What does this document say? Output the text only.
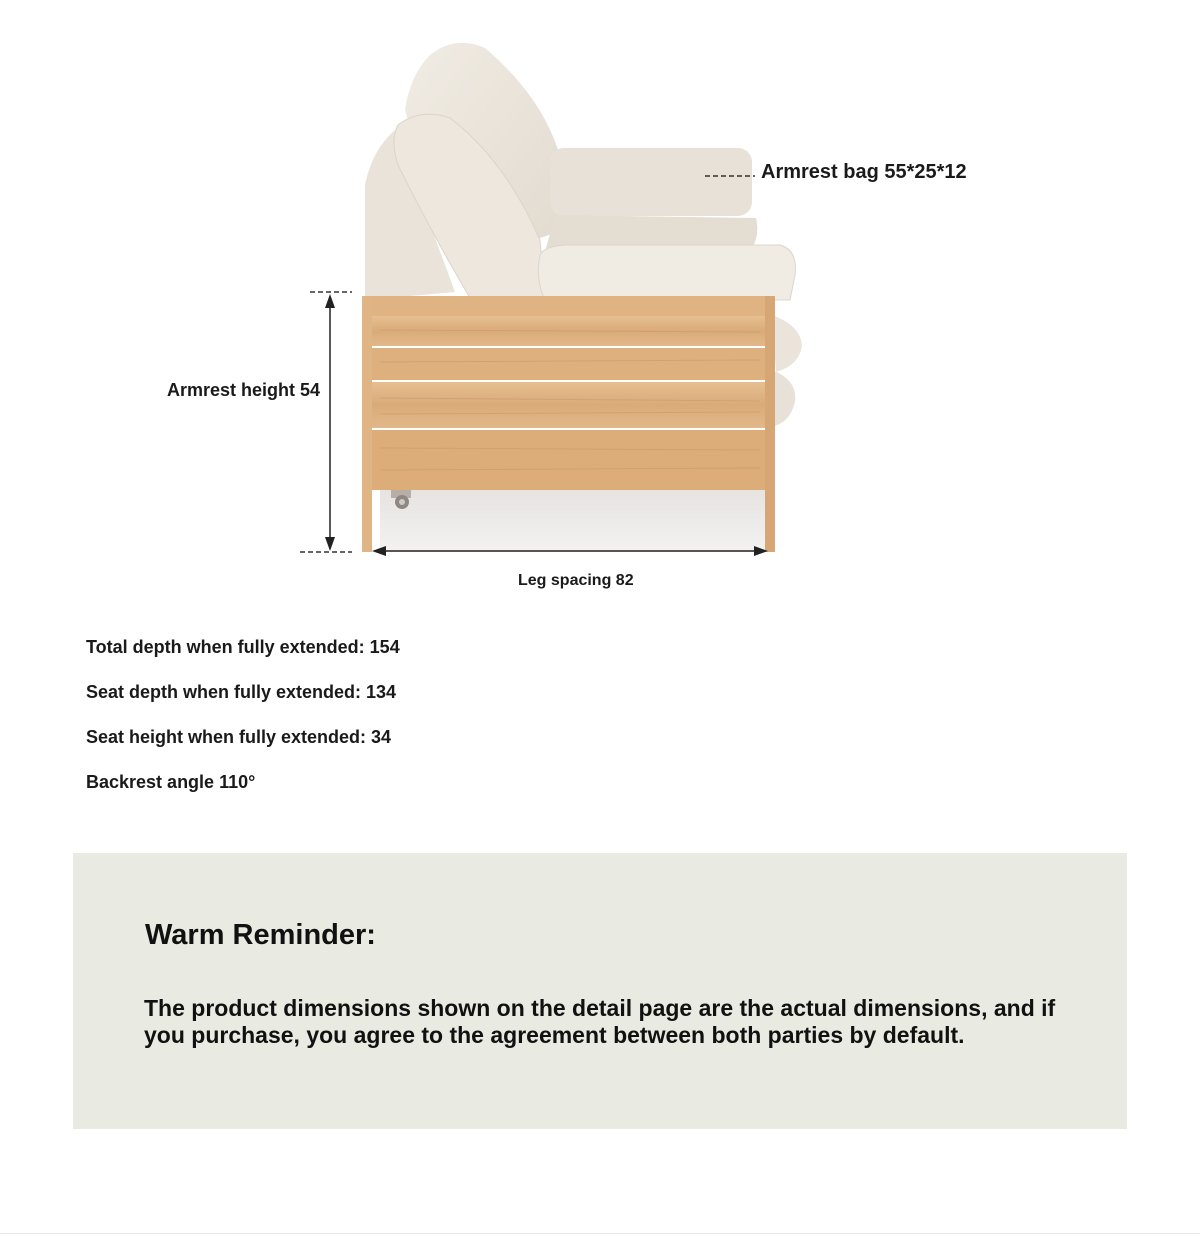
Armrest bag 55*25*12
Armrest height 54
Leg spacing 82
Total depth when fully extended: 154
Seat depth when fully extended: 134
Seat height when fully extended: 34
Backrest angle 110°
Warm Reminder:

The product dimensions shown on the detail page are the actual dimensions, and if you purchase, you agree to the agreement between both parties by default.
